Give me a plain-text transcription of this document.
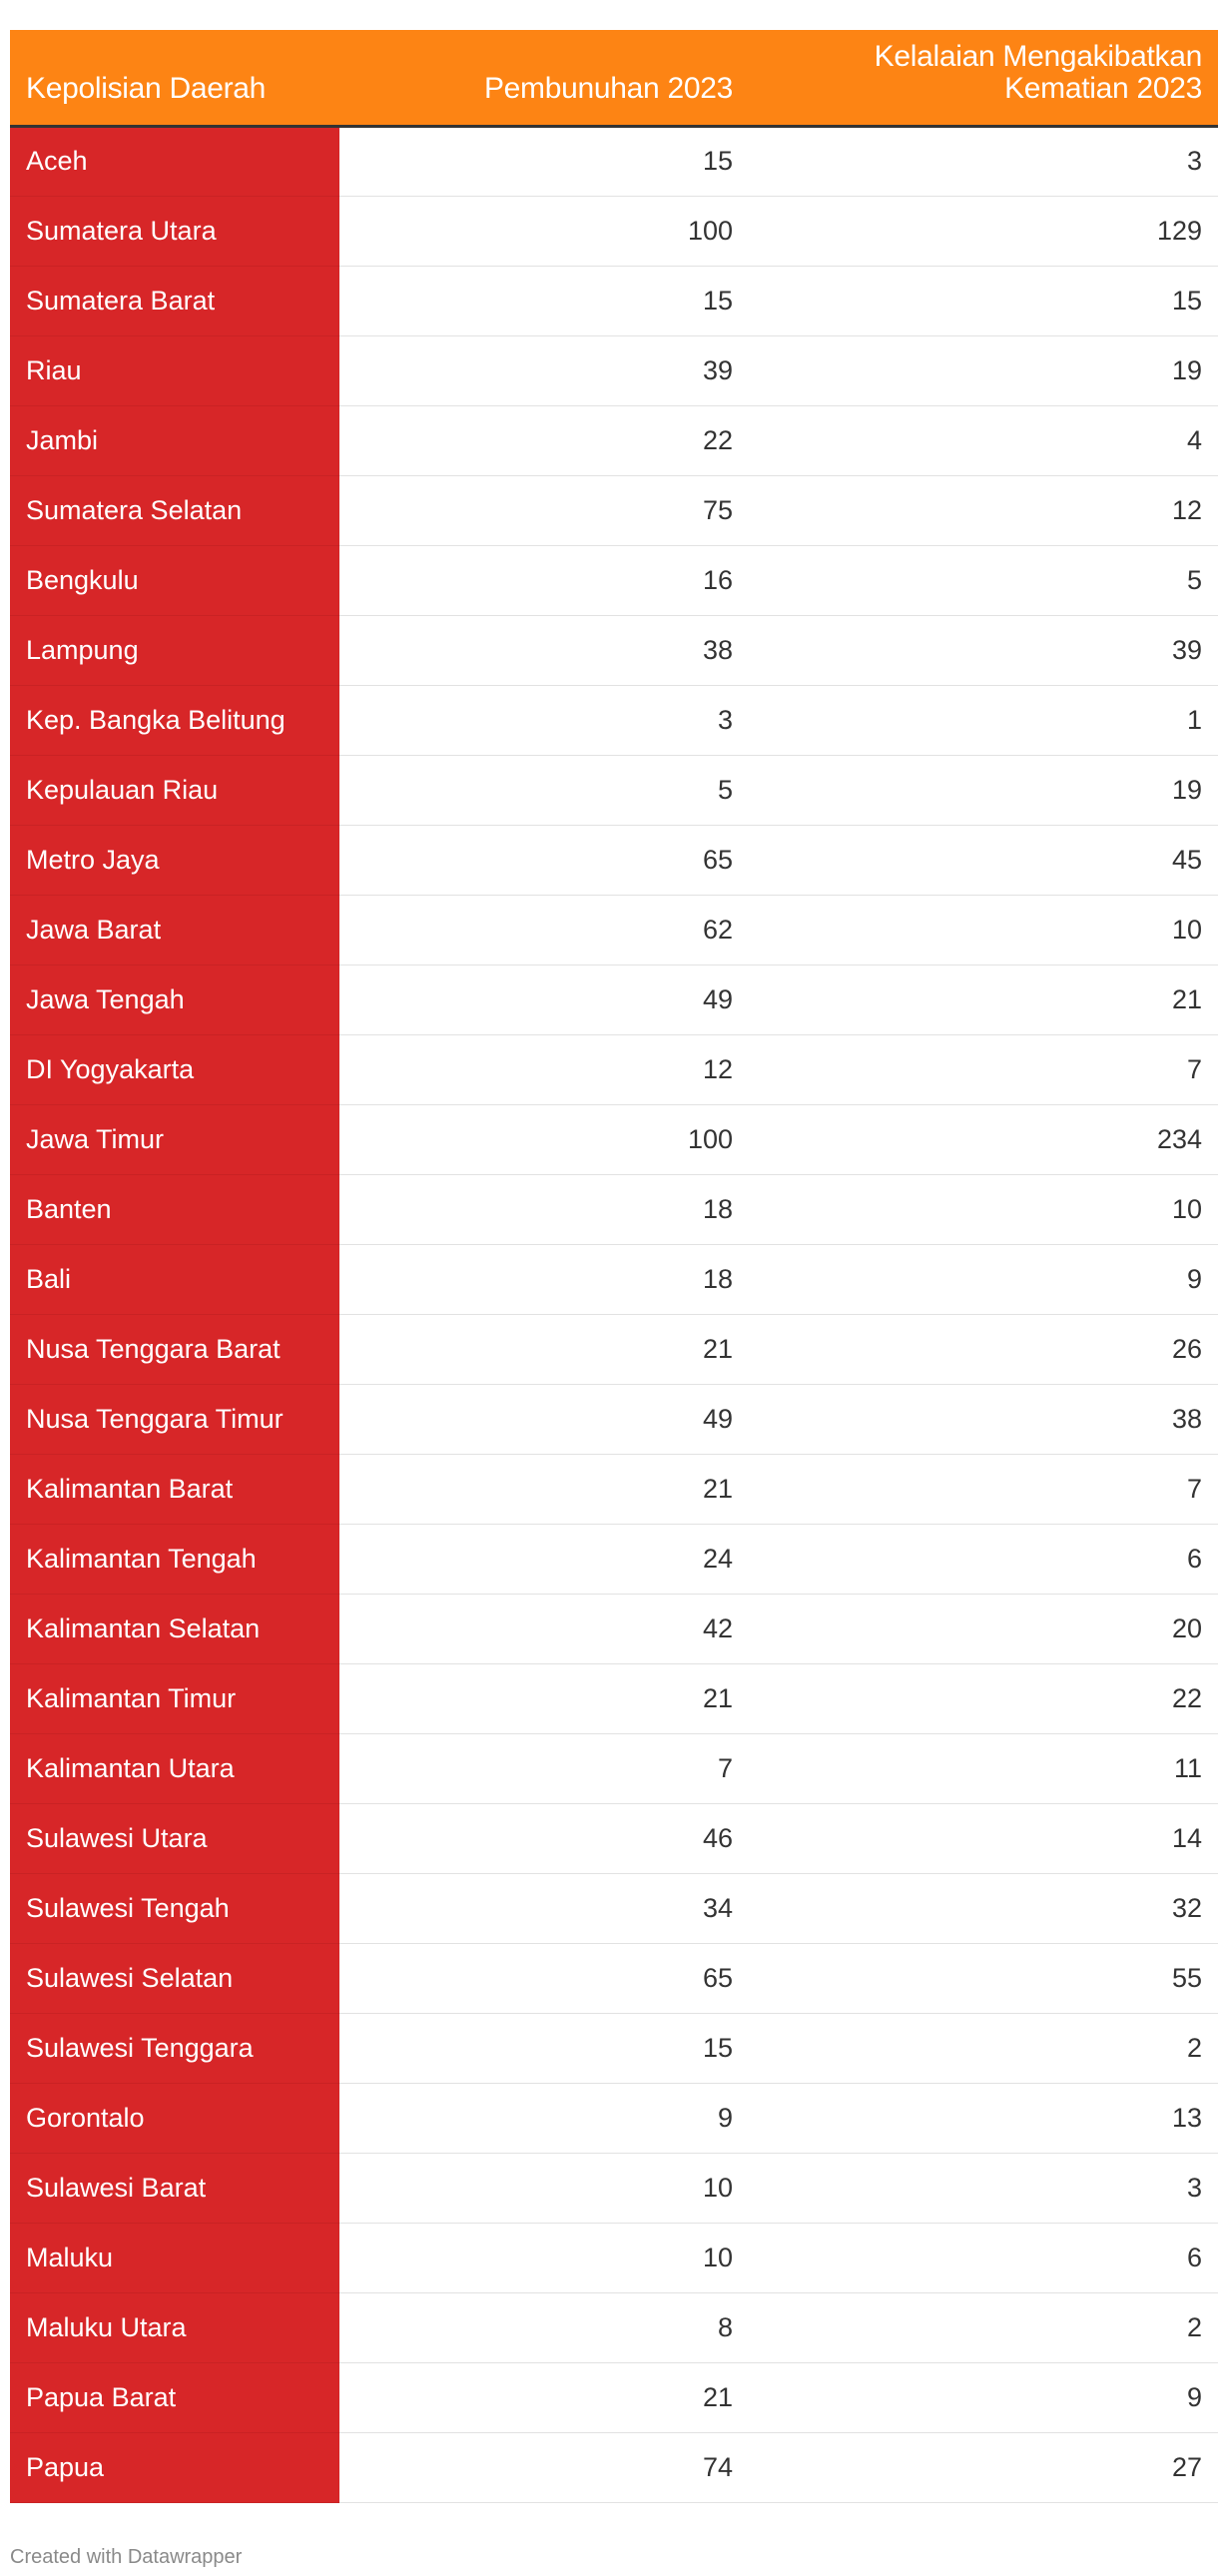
Kepolisian Daerah	Pembunuhan 2023	Kelalaian Mengakibatkan
Kematian 2023
Aceh	15	3
Sumatera Utara	100	129
Sumatera Barat	15	15
Riau	39	19
Jambi	22	4
Sumatera Selatan	75	12
Bengkulu	16	5
Lampung	38	39
Kep. Bangka Belitung	3	1
Kepulauan Riau	5	19
Metro Jaya	65	45
Jawa Barat	62	10
Jawa Tengah	49	21
DI Yogyakarta	12	7
Jawa Timur	100	234
Banten	18	10
Bali	18	9
Nusa Tenggara Barat	21	26
Nusa Tenggara Timur	49	38
Kalimantan Barat	21	7
Kalimantan Tengah	24	6
Kalimantan Selatan	42	20
Kalimantan Timur	21	22
Kalimantan Utara	7	11
Sulawesi Utara	46	14
Sulawesi Tengah	34	32
Sulawesi Selatan	65	55
Sulawesi Tenggara	15	2
Gorontalo	9	13
Sulawesi Barat	10	3
Maluku	10	6
Maluku Utara	8	2
Papua Barat	21	9
Papua	74	27
Created with Datawrapper
